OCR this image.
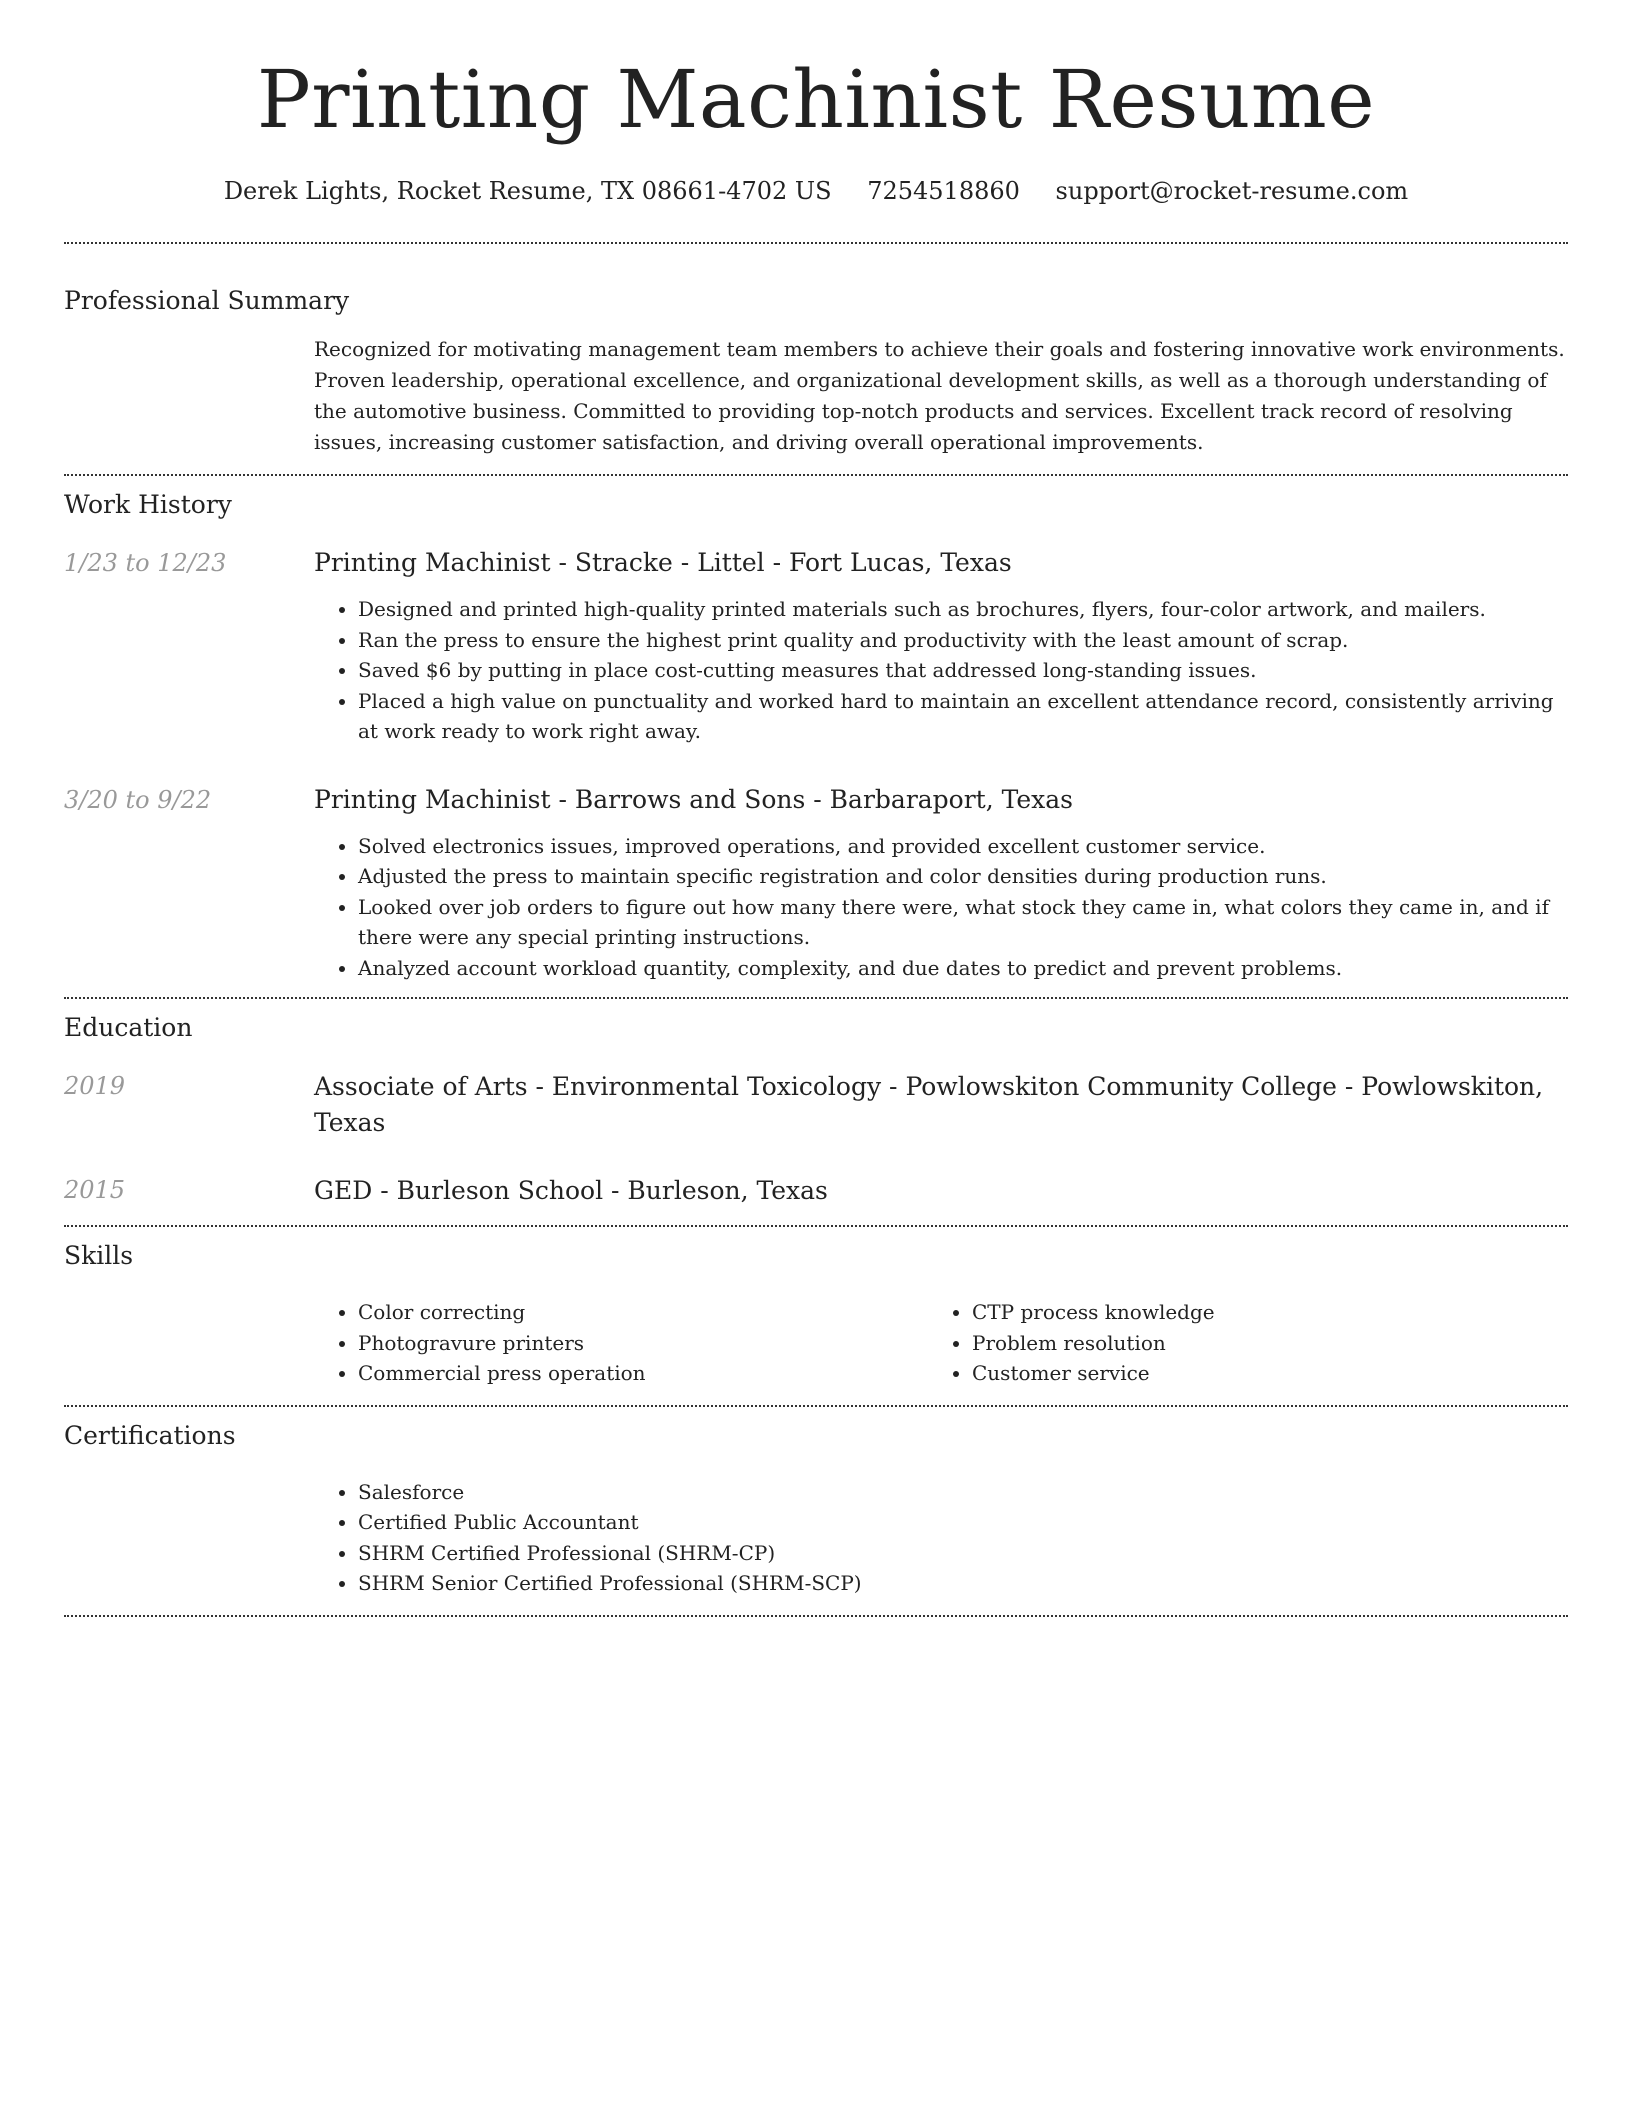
Printing Machinist Resume
Derek Lights, Rocket Resume, TX 08661-4702 US 7254518860 support@rocket-resume.com
Professional Summary

Recognized for motivating management team members to achieve their goals and fostering innovative work environments. Proven leadership, operational excellence, and organizational development skills, as well as a thorough understanding of the automotive business. Committed to providing top-notch products and services. Excellent track record of resolving issues, increasing customer satisfaction, and driving overall operational improvements.

Work History
1/23 to 12/23	Printing Machinist - Stracke - Littel - Fort Lucas, Texas
• Designed and printed high-quality printed materials such as brochures, flyers, four-color artwork, and mailers.
• Ran the press to ensure the highest print quality and productivity with the least amount of scrap.
• Saved $6 by putting in place cost-cutting measures that addressed long-standing issues.
• Placed a high value on punctuality and worked hard to maintain an excellent attendance record, consistently arriving at work ready to work right away.
3/20 to 9/22	Printing Machinist - Barrows and Sons - Barbaraport, Texas
• Solved electronics issues, improved operations, and provided excellent customer service.
• Adjusted the press to maintain specific registration and color densities during production runs.
• Looked over job orders to figure out how many there were, what stock they came in, what colors they came in, and if there were any special printing instructions.
• Analyzed account workload quantity, complexity, and due dates to predict and prevent problems.
Education
2019	Associate of Arts - Environmental Toxicology - Powlowskiton Community College - Powlowskiton, Texas
2015	GED - Burleson School - Burleson, Texas
Skills
• Color correcting
• Photogravure printers
• Commercial press operation
• CTP process knowledge
• Problem resolution
• Customer service
Certifications
• Salesforce
• Certified Public Accountant
• SHRM Certified Professional (SHRM-CP)
• SHRM Senior Certified Professional (SHRM-SCP)
